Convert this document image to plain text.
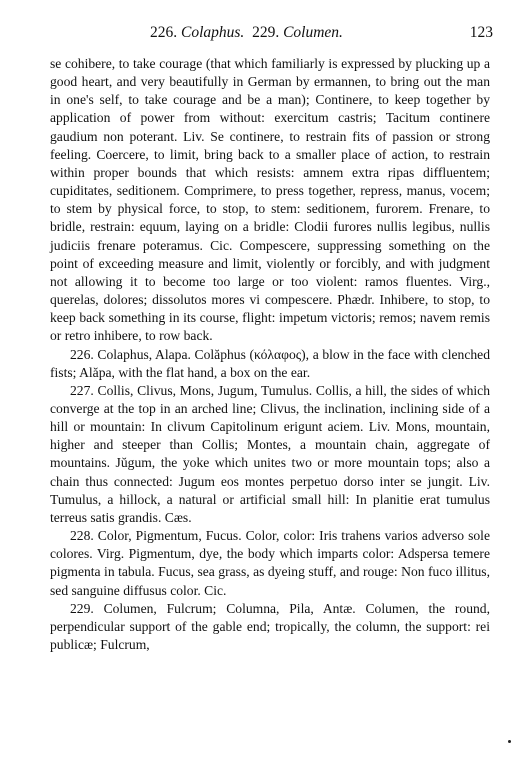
226. Colaphus. 229. Columen.	123

se cohibere, to take courage (that which familiarly is expressed by plucking up a good heart, and very beautifully in German by ermannen, to bring out the man in one's self, to take courage and be a man); Continere, to keep together by application of power from without: exercitum castris; Tacitum continere gaudium non poterant. Liv. Se continere, to restrain fits of passion or strong feeling. Coercere, to limit, bring back to a smaller place of action, to restrain within proper bounds that which resists: amnem extra ripas diffluentem; cupiditates, seditionem. Comprimere, to press together, repress, manus, vocem; to stem by physical force, to stop, to stem: seditionem, furorem. Frenare, to bridle, restrain: equum, laying on a bridle: Clodii furores nullis legibus, nullis judiciis frenare poteramus. Cic. Compescere, suppressing something on the point of exceeding measure and limit, violently or forcibly, and with judgment not allowing it to become too large or too violent: ramos fluentes. Virg., querelas, dolores; dissolutos mores vi compescere. Phædr. Inhibere, to stop, to keep back something in its course, flight: impetum victoris; remos; navem remis or retro inhibere, to row back.

226. Colaphus, Alapa. Colăphus (κόλαφος), a blow in the face with clenched fists; Alăpa, with the flat hand, a box on the ear.

227. Collis, Clivus, Mons, Jugum, Tumulus. Collis, a hill, the sides of which converge at the top in an arched line; Clivus, the inclination, inclining side of a hill or mountain: In clivum Capitolinum erigunt aciem. Liv. Mons, mountain, higher and steeper than Collis; Montes, a mountain chain, aggregate of mountains. Jŭgum, the yoke which unites two or more mountain tops; also a chain thus connected: Jugum eos montes perpetuo dorso inter se jungit. Liv. Tumulus, a hillock, a natural or artificial small hill: In planitie erat tumulus terreus satis grandis. Cæs.

228. Color, Pigmentum, Fucus. Color, color: Iris trahens varios adverso sole colores. Virg. Pigmentum, dye, the body which imparts color: Adspersa temere pigmenta in tabula. Fucus, sea grass, as dyeing stuff, and rouge: Non fuco illitus, sed sanguine diffusus color. Cic.

229. Columen, Fulcrum; Columna, Pila, Antæ. Columen, the round, perpendicular support of the gable end; tropically, the column, the support: rei publicæ; Fulcrum,
